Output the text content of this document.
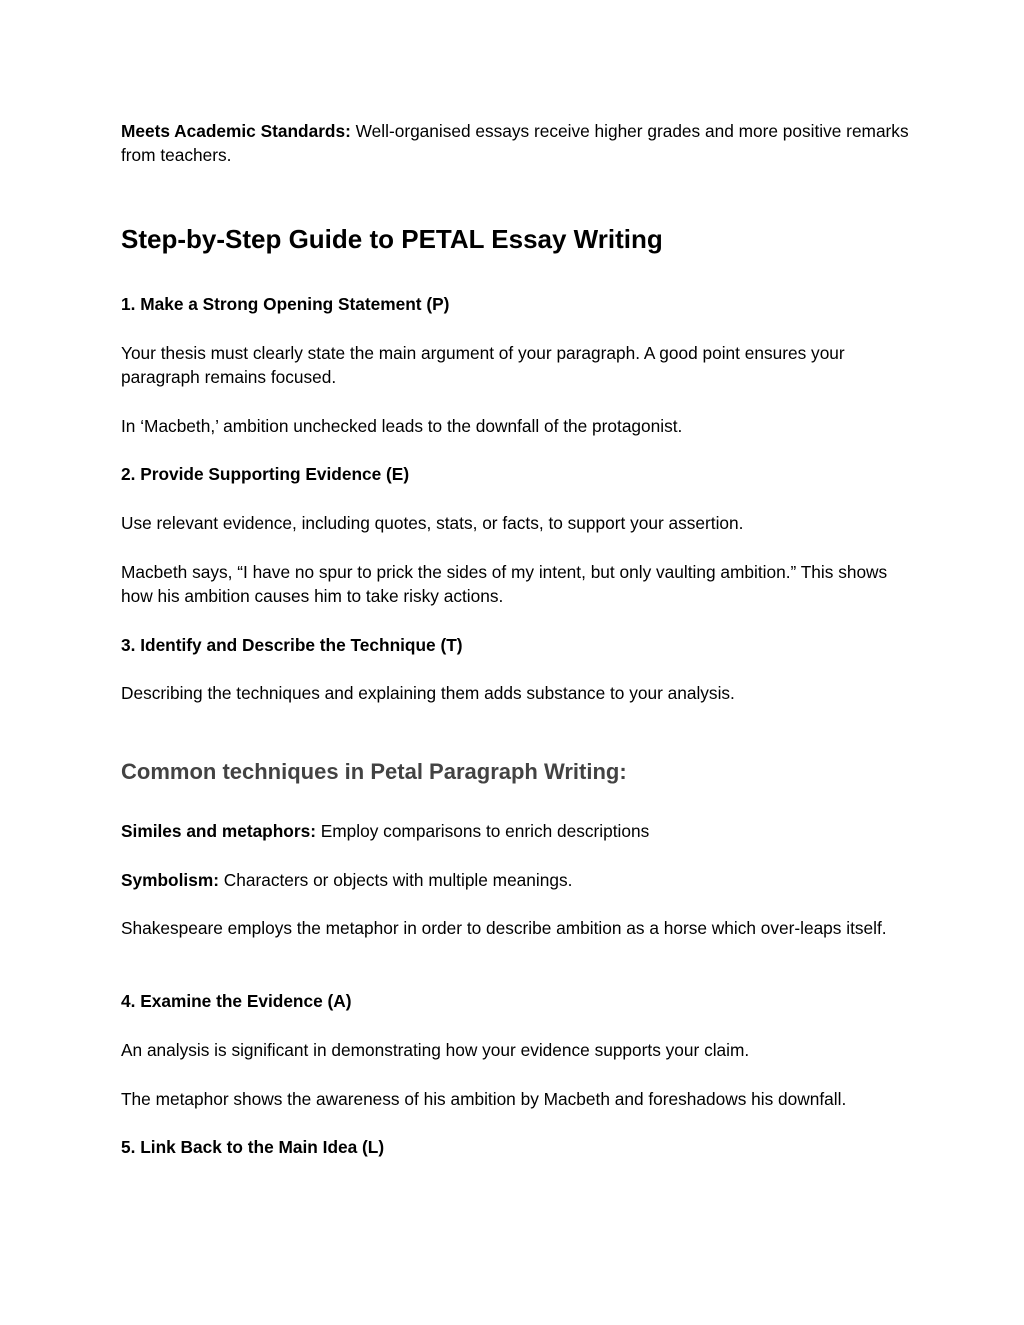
Meets Academic Standards: Well-organised essays receive higher grades and more positive remarks from teachers.

Step-by-Step Guide to PETAL Essay Writing
1. Make a Strong Opening Statement (P)

Your thesis must clearly state the main argument of your paragraph. A good point ensures your paragraph remains focused.

In ‘Macbeth,’ ambition unchecked leads to the downfall of the protagonist.

2. Provide Supporting Evidence (E)

Use relevant evidence, including quotes, stats, or facts, to support your assertion.

Macbeth says, “I have no spur to prick the sides of my intent, but only vaulting ambition.” This shows how his ambition causes him to take risky actions.

3. Identify and Describe the Technique (T)

Describing the techniques and explaining them adds substance to your analysis.

Common techniques in Petal Paragraph Writing:

Similes and metaphors: Employ comparisons to enrich descriptions

Symbolism: Characters or objects with multiple meanings.

Shakespeare employs the metaphor in order to describe ambition as a horse which over-leaps itself.

4. Examine the Evidence (A)

An analysis is significant in demonstrating how your evidence supports your claim.

The metaphor shows the awareness of his ambition by Macbeth and foreshadows his downfall.

5. Link Back to the Main Idea (L)
